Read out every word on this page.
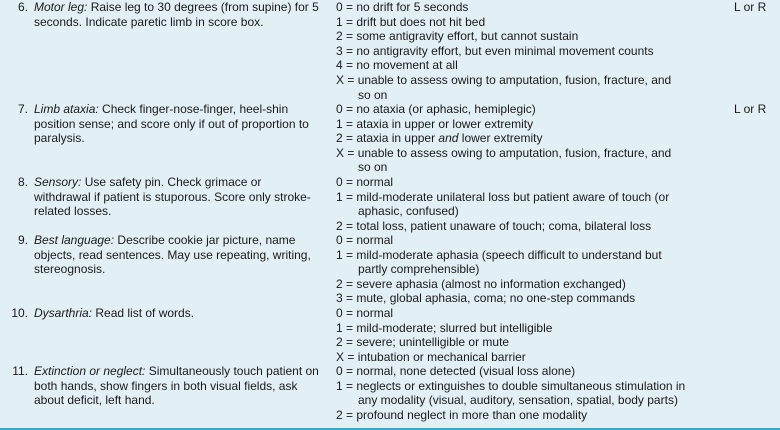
6. Motor leg: Raise leg to 30 degrees (from supine) for 5 seconds. Indicate paretic limb in score box.
0 = no drift for 5 seconds
1 = drift but does not hit bed
2 = some antigravity effort, but cannot sustain
3 = no antigravity effort, but even minimal movement counts
4 = no movement at all
X = unable to assess owing to amputation, fusion, fracture, and
so on
L or R
7. Limb ataxia: Check finger-nose-finger, heel-shin position sense; and score only if out of proportion to paralysis.
0 = no ataxia (or aphasic, hemiplegic)
1 = ataxia in upper or lower extremity
2 = ataxia in upper and lower extremity
X = unable to assess owing to amputation, fusion, fracture, and
so on
L or R
8. Sensory: Use safety pin. Check grimace or withdrawal if patient is stuporous. Score only stroke-related losses.
0 = normal
1 = mild-moderate unilateral loss but patient aware of touch (or
aphasic, confused)
2 = total loss, patient unaware of touch; coma, bilateral loss
9. Best language: Describe cookie jar picture, name objects, read sentences. May use repeating, writing, stereognosis.
0 = normal
1 = mild-moderate aphasia (speech difficult to understand but
partly comprehensible)
2 = severe aphasia (almost no information exchanged)
3 = mute, global aphasia, coma; no one-step commands
10. Dysarthria: Read list of words.	0 = normal
1 = mild-moderate; slurred but intelligible
2 = severe; unintelligible or mute
X = intubation or mechanical barrier
11. Extinction or neglect: Simultaneously touch patient on both hands, show fingers in both visual fields, ask about deficit, left hand.
0 = normal, none detected (visual loss alone)
1 = neglects or extinguishes to double simultaneous stimulation in
any modality (visual, auditory, sensation, spatial, body parts)
2 = profound neglect in more than one modality
